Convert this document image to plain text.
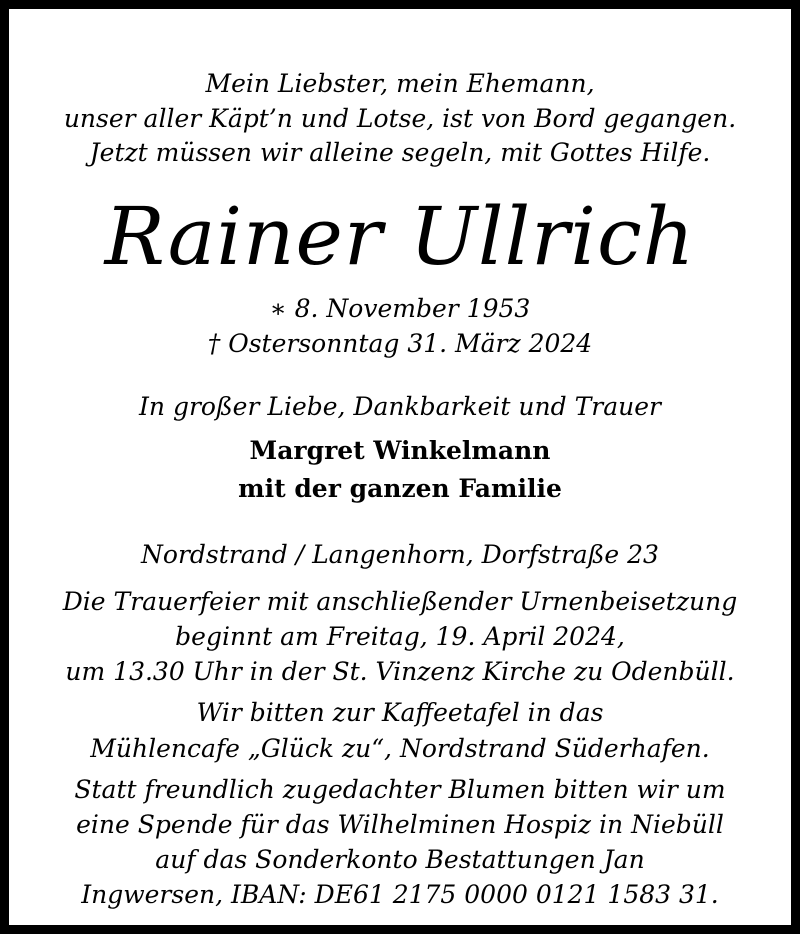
Mein Liebster, mein Ehemann,
unser aller Käpt’n und Lotse, ist von Bord gegangen.
Jetzt müssen wir alleine segeln, mit Gottes Hilfe.
Rainer Ullrich
∗ 8. November 1953
† Ostersonntag 31. März 2024
In großer Liebe, Dankbarkeit und Trauer
Margret Winkelmann
mit der ganzen Familie
Nordstrand / Langenhorn, Dorfstraße 23
Die Trauerfeier mit anschließender Urnenbeisetzung
beginnt am Freitag, 19. April 2024,
um 13.30 Uhr in der St. Vinzenz Kirche zu Odenbüll.
Wir bitten zur Kaffeetafel in das
Mühlencafe „Glück zu“, Nordstrand Süderhafen.
Statt freundlich zugedachter Blumen bitten wir um
eine Spende für das Wilhelminen Hospiz in Niebüll
auf das Sonderkonto Bestattungen Jan
Ingwersen, IBAN: DE61 2175 0000 0121 1583 31.
